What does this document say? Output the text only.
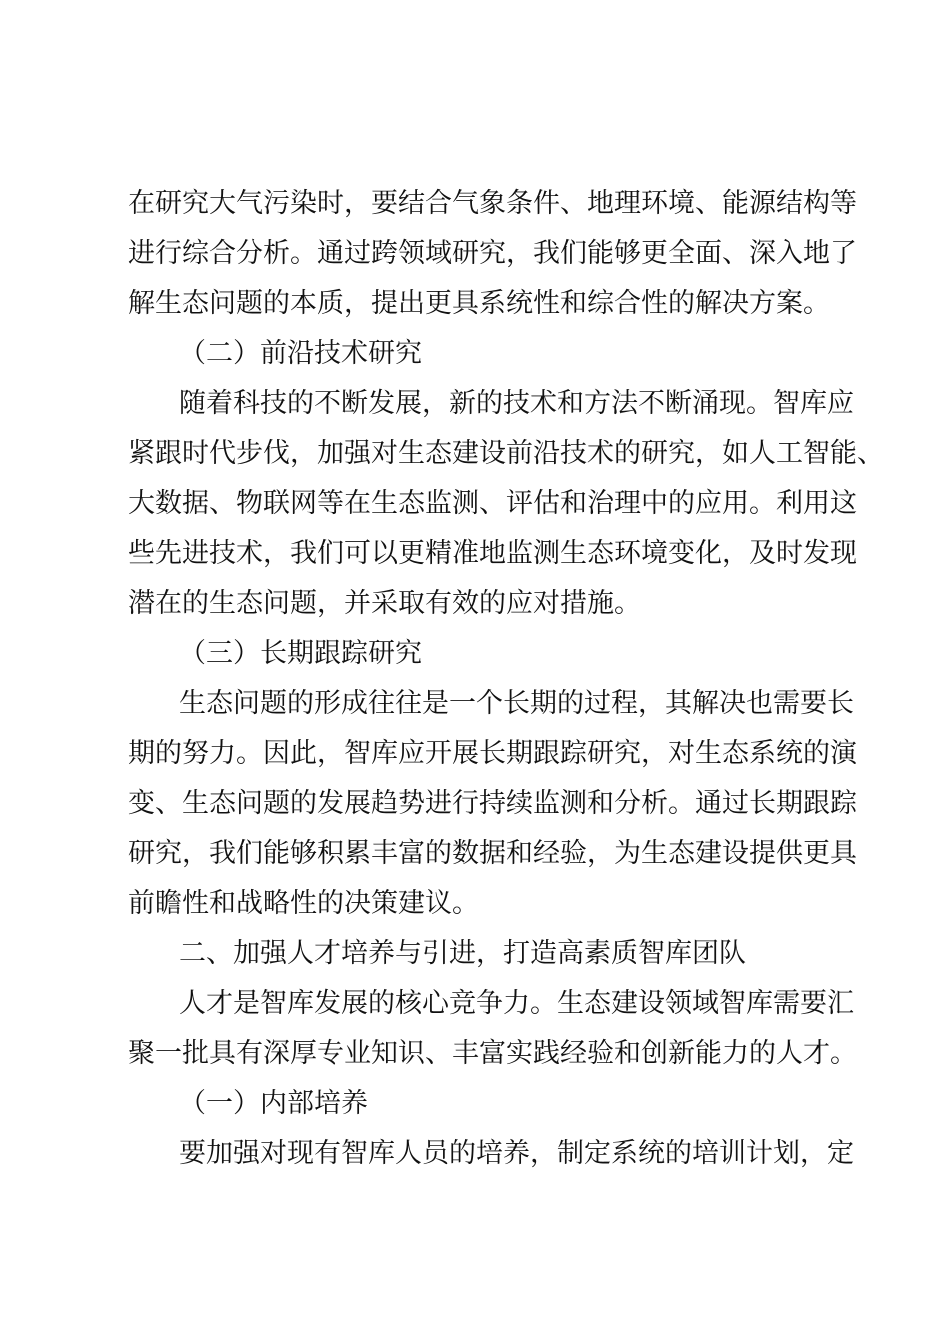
在研究大气污染时，要结合气象条件、地理环境、能源结构等
进行综合分析。通过跨领域研究，我们能够更全面、深入地了
解生态问题的本质，提出更具系统性和综合性的解决方案。
（二）前沿技术研究
随着科技的不断发展，新的技术和方法不断涌现。智库应
紧跟时代步伐，加强对生态建设前沿技术的研究，如人工智能、
大数据、物联网等在生态监测、评估和治理中的应用。利用这
些先进技术，我们可以更精准地监测生态环境变化，及时发现
潜在的生态问题，并采取有效的应对措施。
（三）长期跟踪研究
生态问题的形成往往是一个长期的过程，其解决也需要长
期的努力。因此，智库应开展长期跟踪研究，对生态系统的演
变、生态问题的发展趋势进行持续监测和分析。通过长期跟踪
研究，我们能够积累丰富的数据和经验，为生态建设提供更具
前瞻性和战略性的决策建议。
二、加强人才培养与引进，打造高素质智库团队
人才是智库发展的核心竞争力。生态建设领域智库需要汇
聚一批具有深厚专业知识、丰富实践经验和创新能力的人才。
（一）内部培养
要加强对现有智库人员的培养，制定系统的培训计划，定
